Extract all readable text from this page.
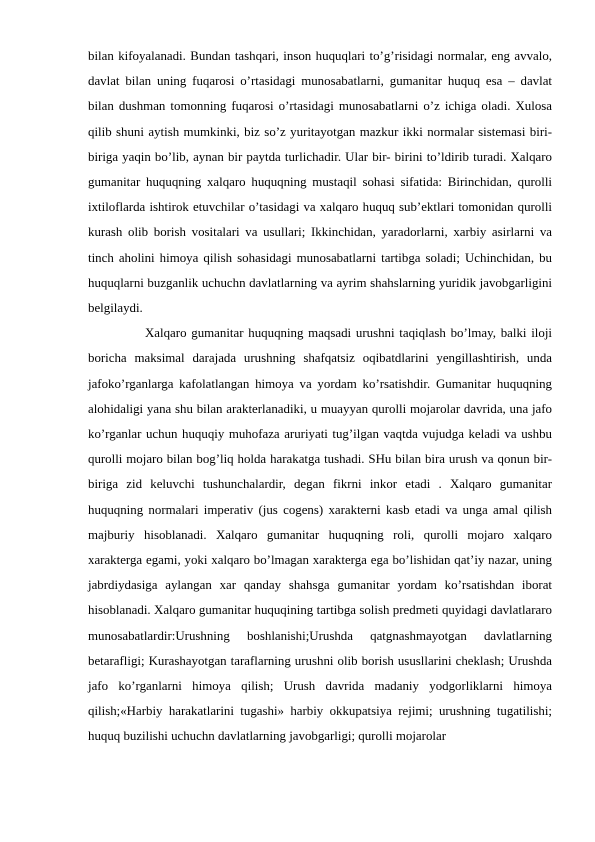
bilan kifoyalanadi. Bundan tashqari, inson huquqlari to’g’risidagi normalar, eng avvalo, davlat bilan uning fuqarosi o’rtasidagi munosabatlarni, gumanitar huquq esa – davlat bilan dushman tomonning fuqarosi o’rtasidagi munosabatlarni o’z ichiga oladi. Xulosa qilib shuni aytish mumkinki, biz so’z yuritayotgan mazkur ikki normalar sistemasi biri-biriga yaqin bo’lib, aynan bir paytda turlichadir. Ular bir- birini to’ldirib turadi. Xalqaro gumanitar huquqning xalqaro huquqning mustaqil sohasi sifatida: Birinchidan, qurolli ixtiloflarda ishtirok etuvchilar o’tasidagi va xalqaro huquq sub’ektlari tomonidan qurolli kurash olib borish vositalari va usullari; Ikkinchidan, yaradorlarni, xarbiy asirlarni va tinch aholini himoya qilish sohasidagi munosabatlarni tartibga soladi; Uchinchidan, bu huquqlarni buzganlik uchuchn davlatlarning va ayrim shahslarning yuridik javobgarligini belgilaydi.

Xalqaro gumanitar huquqning maqsadi urushni taqiqlash bo’lmay, balki iloji boricha maksimal darajada urushning shafqatsiz oqibatdlarini yengillashtirish, unda jafoko’rganlarga kafolatlangan himoya va yordam ko’rsatishdir. Gumanitar huquqning alohidaligi yana shu bilan arakterlanadiki, u muayyan qurolli mojarolar davrida, una jafo ko’rganlar uchun huquqiy muhofaza aruriyati tug’ilgan vaqtda vujudga keladi va ushbu qurolli mojaro bilan bog’liq holda harakatga tushadi. SHu bilan bira urush va qonun bir-biriga zid keluvchi tushunchalardir, degan fikrni inkor etadi . Xalqaro gumanitar huquqning normalari imperativ (jus cogens) xarakterni kasb etadi va unga amal qilish majburiy hisoblanadi. Xalqaro gumanitar huquqning roli, qurolli mojaro xalqaro xarakterga egami, yoki xalqaro bo’lmagan xarakterga ega bo’lishidan qat’iy nazar, uning jabrdiydasiga aylangan xar qanday shahsga gumanitar yordam ko’rsatishdan iborat hisoblanadi. Xalqaro gumanitar huquqining tartibga solish predmeti quyidagi davlatlararo munosabatlardir:Urushning boshlanishi;Urushda qatgnashmayotgan davlatlarning betarafligi; Kurashayotgan taraflarning urushni olib borish ususllarini cheklash; Urushda jafo ko’rganlarni himoya qilish; Urush davrida madaniy yodgorliklarni himoya qilish;«Harbiy harakatlarini tugashi» harbiy okkupatsiya rejimi; urushning tugatilishi; huquq buzilishi uchuchn davlatlarning javobgarligi; qurolli mojarolar
